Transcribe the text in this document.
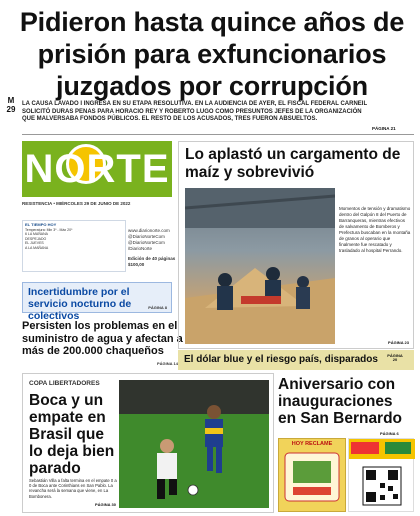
Pidieron hasta quince años de prisión para exfuncionarios juzgados por corrupción
M 29
LA CAUSA LAVADO I INGRESA EN SU ETAPA RESOLUTIVA. EN LA AUDIENCIA DE AYER, EL FISCAL FEDERAL CARNEIL SOLICITÓ DURAS PENAS PARA HORACIO REY Y ROBERTO LUGO COMO PRESUNTOS JEFES DE LA ORGANIZACIÓN QUE MALVERSABA FONDOS PÚBLICOS. EL RESTO DE LOS ACUSADOS, TRES FUERON ABSUELTOS.
PÁGINA 21
NORTE
RESISTENCIA • MIÉRCOLES 29 DE JUNIO DE 2022
EL TIEMPO HOY
Temperatura: Min 3º - Máx 20º
6 LA MAÑANA
DESPEJADO
EL JUEVES
A LA MAÑANA
www.diarionorte.com
@DiarioNorteCom
@DiarioNorteCom
/DiarioNorte
Edición de 40 páginas $100,00
Incertidumbre por el servicio nocturno de colectivos
PÁGINA 8
Persisten los problemas en el suministro de agua y afectan a más de 200.000 chaqueños
PÁGINA 14
Lo aplastó un cargamento de maíz y sobrevivió
Momentos de tensión y dramatismo dentro del Galpón 8 del Puerto de Barranqueras, mientras efectivos de salvamento de Bomberos y Prefectura buscaban en la montaña de granos al operario que finalmente fue rescatado y trasladado al hospital Perrando.
PÁGINA 23
El dólar blue y el riesgo país, disparados	PÁGINA 20
COPA LIBERTADORES
Boca y un empate en Brasil que lo deja bien parado
Sebastián Villa a falta termina en el empate 0 a 0 de Boca ante Corinthians en San Pablo. La revancha será la semana que viene, en La Bombonera.
PÁGINA 30
Aniversario con inauguraciones en San Bernardo
PÁGINA 6
HOY RECLAME
